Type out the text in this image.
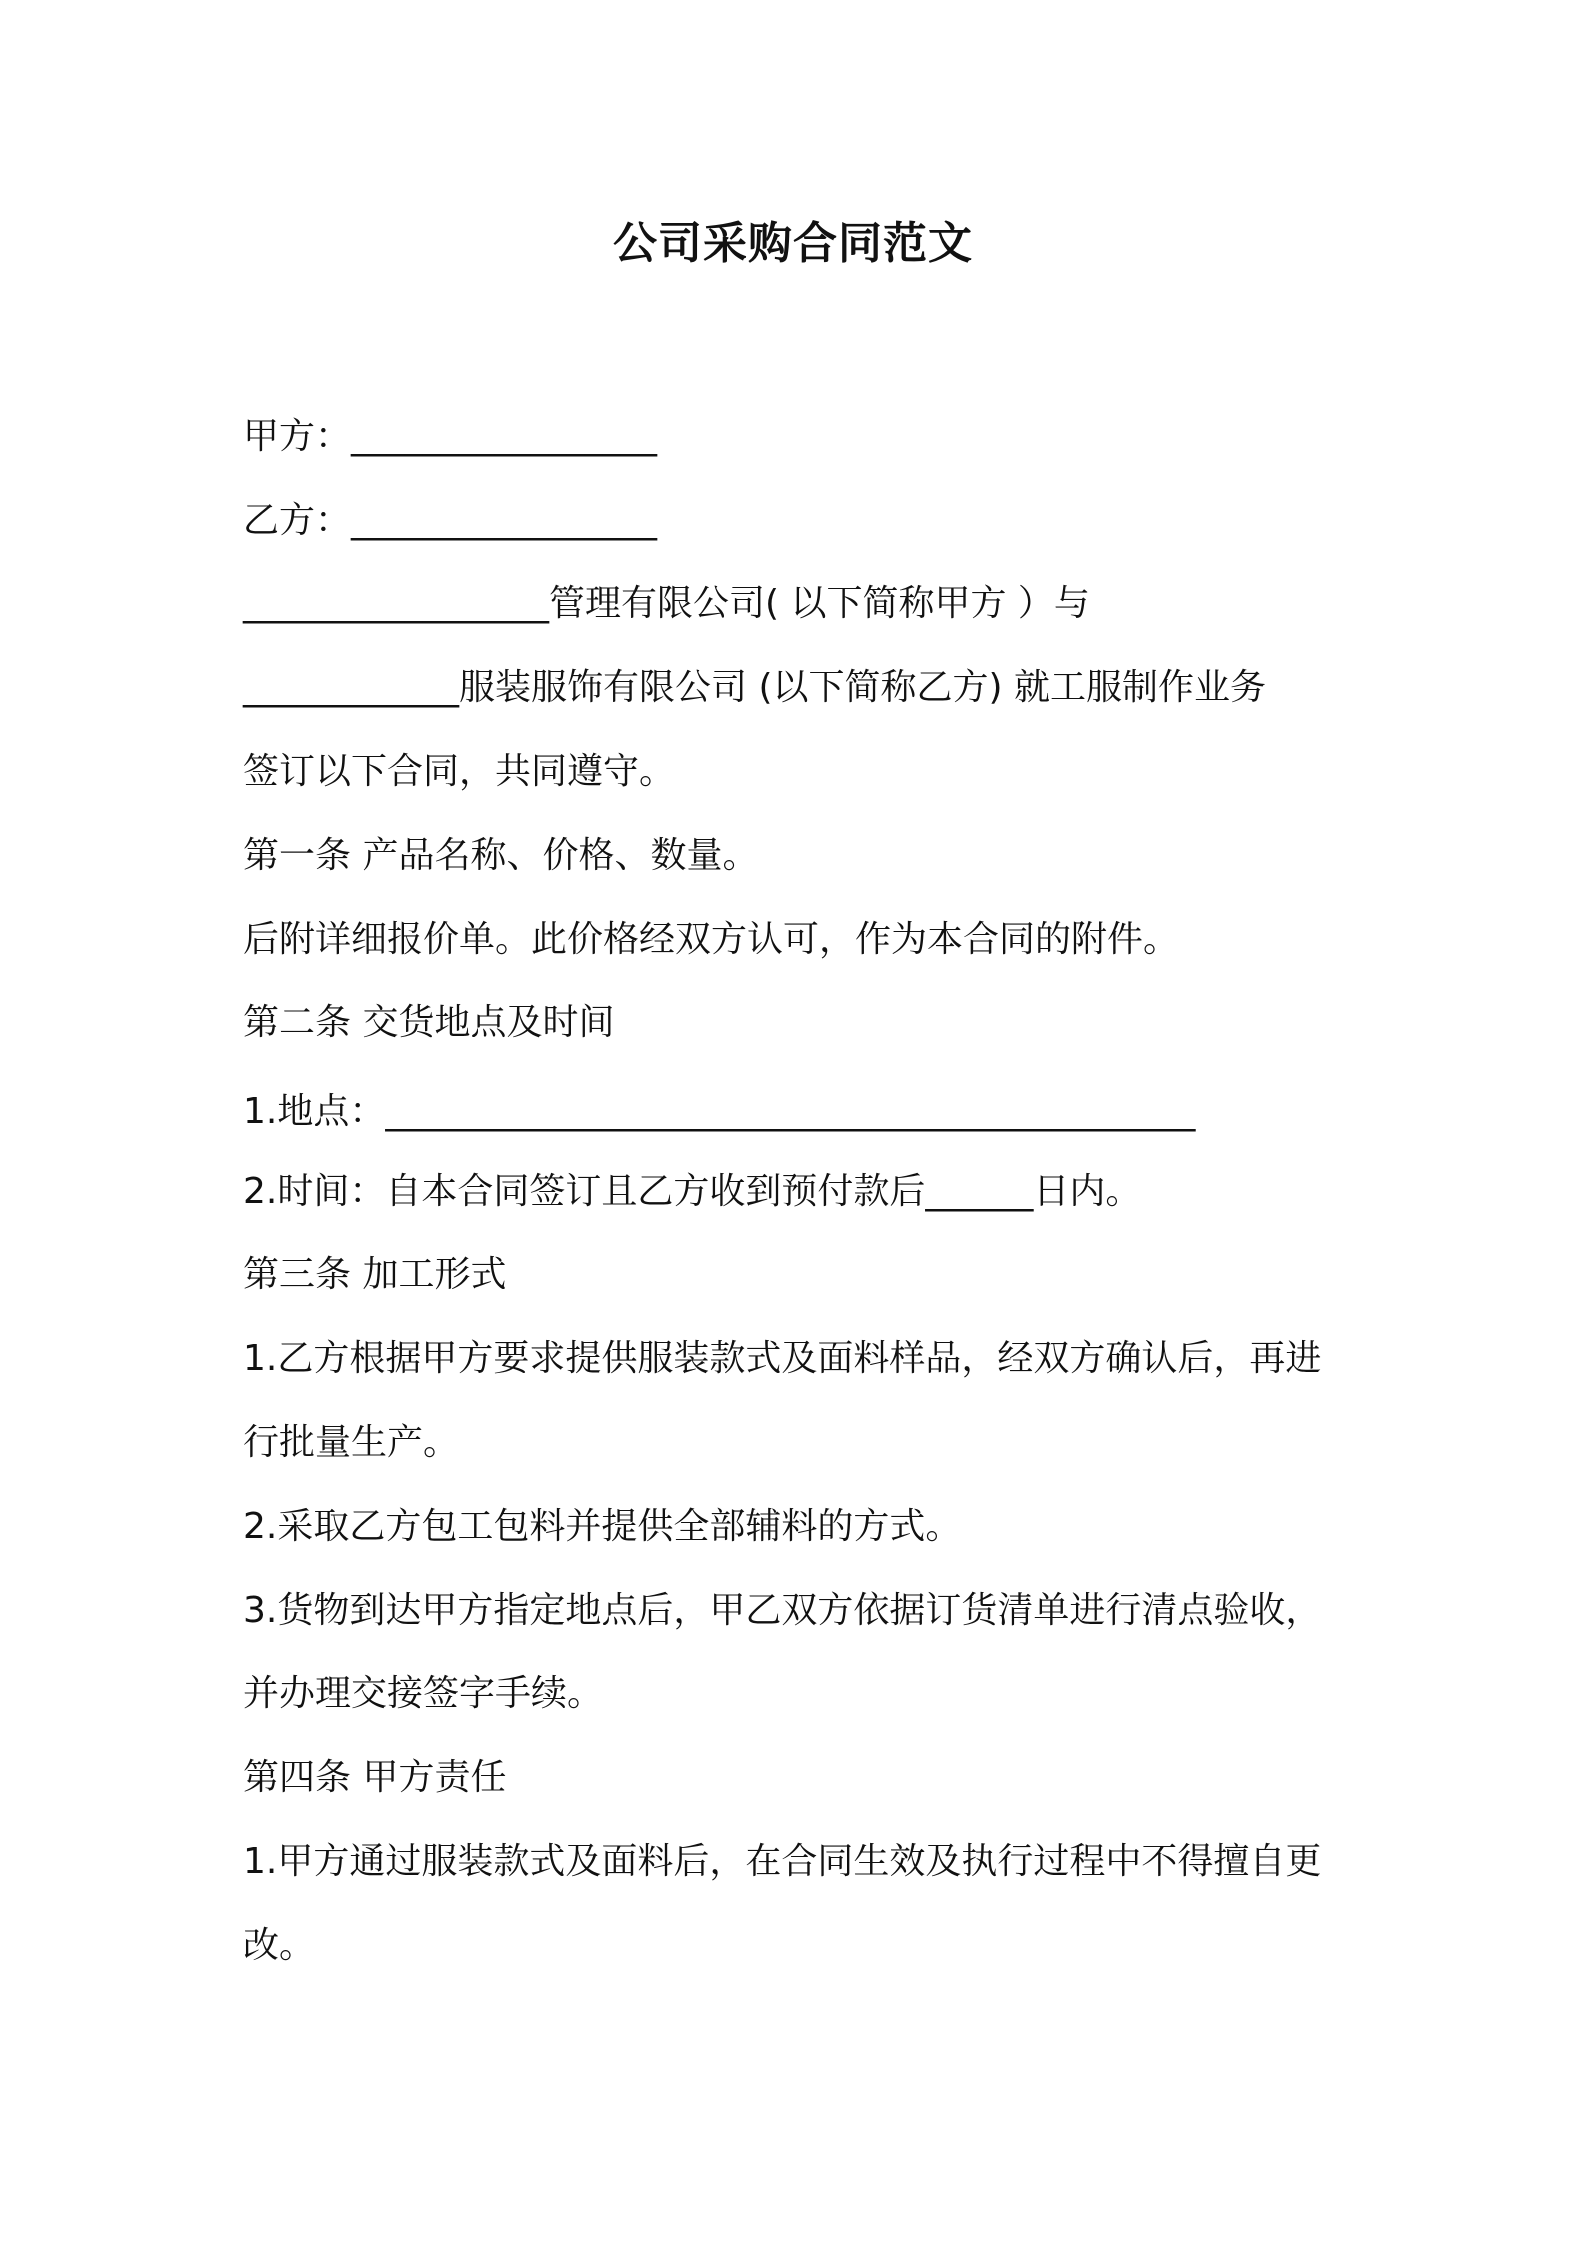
公司采购合同范文
甲方：_________________
乙方：_________________
_________________管理有限公司( 以下简称甲方 ）与
____________服装服饰有限公司 (以下简称乙方) 就工服制作业务
签订以下合同，共同遵守。
第一条 产品名称、价格、数量。
后附详细报价单。此价格经双方认可，作为本合同的附件。
第二条 交货地点及时间
1.地点：_____________________________________________
2.时间：自本合同签订且乙方收到预付款后______日内。
第三条 加工形式
1.乙方根据甲方要求提供服装款式及面料样品，经双方确认后，再进
行批量生产。
2.采取乙方包工包料并提供全部辅料的方式。
3.货物到达甲方指定地点后，甲乙双方依据订货清单进行清点验收，
并办理交接签字手续。
第四条 甲方责任
1.甲方通过服装款式及面料后，在合同生效及执行过程中不得擅自更
改。
